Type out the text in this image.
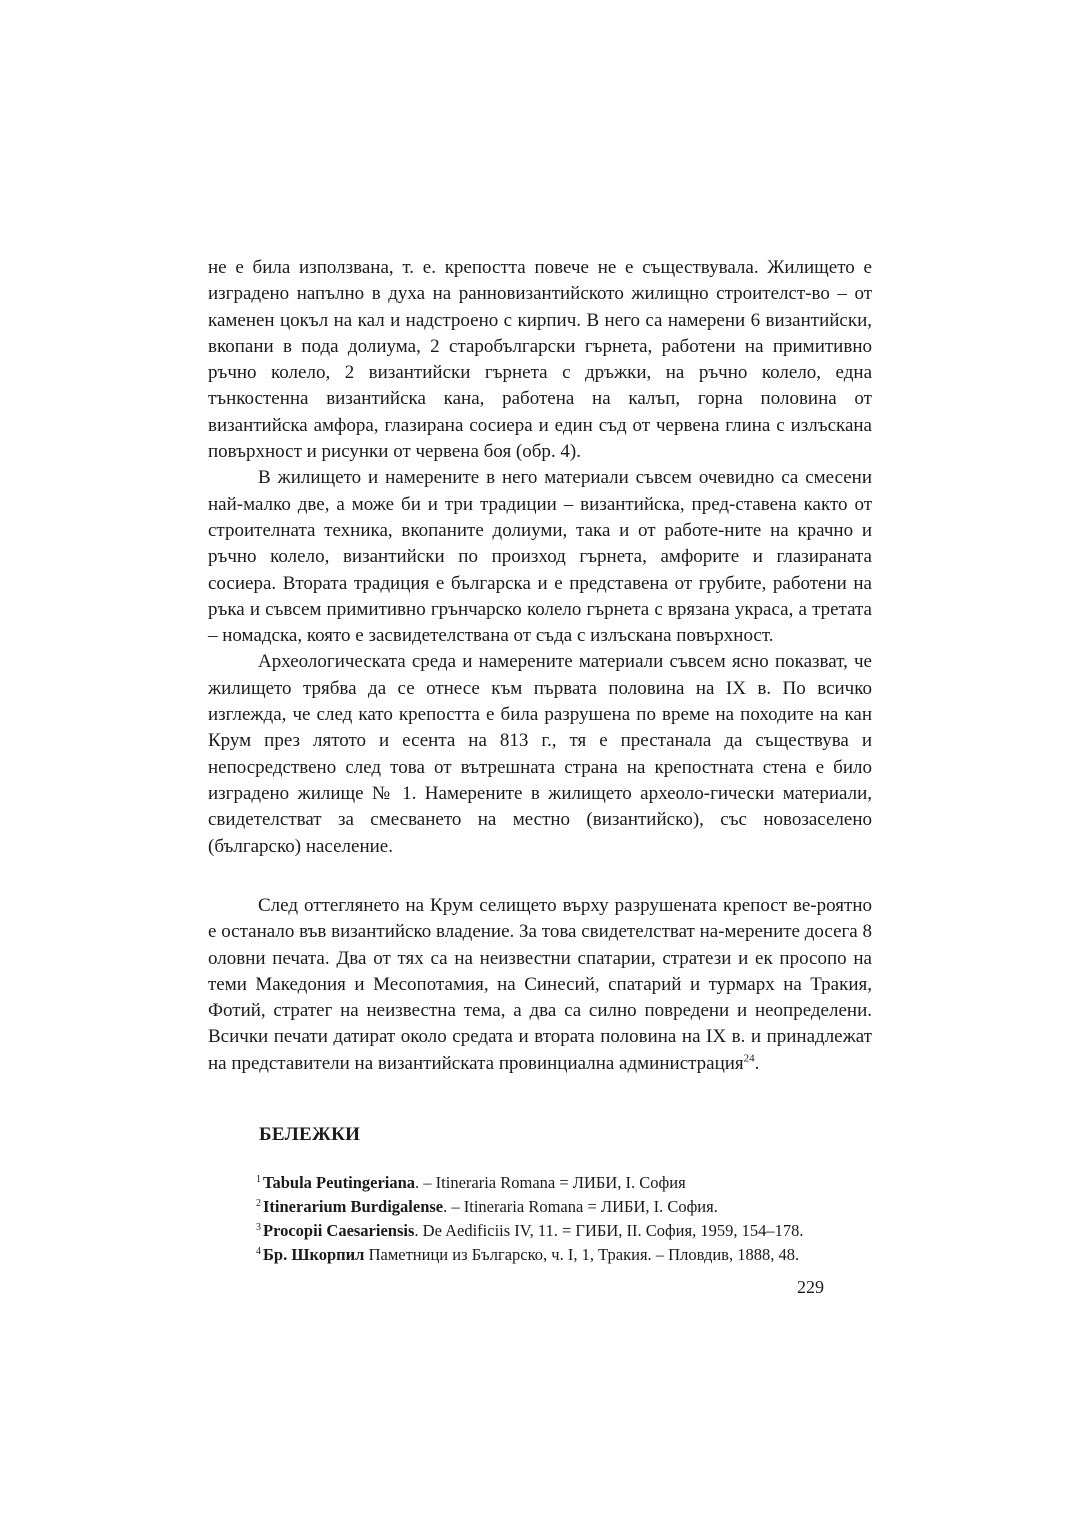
не е била използвана, т. е. крепостта повече не е съществувала. Жилището е изградено напълно в духа на ранновизантийското жилищно строителст-во – от каменен цокъл на кал и надстроено с кирпич. В него са намерени 6 византийски, вкопани в пода долиума, 2 старобългарски гърнета, работени на примитивно ръчно колело, 2 византийски гърнета с дръжки, на ръчно колело, една тънкостенна византийска кана, работена на калъп, горна половина от византийска амфора, глазирана сосиера и един съд от червена глина с излъскана повърхност и рисунки от червена боя (обр. 4).

В жилището и намерените в него материали съвсем очевидно са смесени най-малко две, а може би и три традиции – византийска, пред-ставена както от строителната техника, вкопаните долиуми, така и от работе-ните на крачно и ръчно колело, византийски по произход гърнета, амфорите и глазираната сосиера. Втората традиция е българска и е представена от грубите, работени на ръка и съвсем примитивно грънчарско колело гърнета с врязана украса, а третата – номадска, която е засвидетелствана от съда с излъскана повърхност.

Археологическата среда и намерените материали съвсем ясно показват, че жилището трябва да се отнесе към първата половина на IX в. По всичко изглежда, че след като крепостта е била разрушена по време на походите на кан Крум през лятото и есента на 813 г., тя е престанала да съществува и непосредствено след това от вътрешната страна на крепостната стена е било изградено жилище № 1. Намерените в жилището археоло-гически материали, свидетелстват за смесването на местно (византийско), със новозаселено (българско) население.

След оттеглянето на Крум селището върху разрушената крепост ве-роятно е останало във византийско владение. За това свидетелстват на-мерените досега 8 оловни печата. Два от тях са на неизвестни спатарии, стратези и ек просопо на теми Македония и Месопотамия, на Синесий, спатарий и турмарх на Тракия, Фотий, стратег на неизвестна тема, а два са силно повредени и неопределени. Всички печати датират около средата и втората половина на IX в. и принадлежат на представители на византийската провинциална администрация$^{24}$.

БЕЛЕЖКИ
$^1$ Tabula Peutingeriana. – Itineraria Romana = ЛИБИ, I. София
$^2$ Itinerarium Burdigalense. – Itineraria Romana = ЛИБИ, I. София.
$^3$ Procopii Caesariensis. De Aedificiis IV, 11. = ГИБИ, II. София, 1959, 154–178.
$^4$ Бр. Шкорпил Паметници из Българско, ч. I, 1, Тракия. – Пловдив, 1888, 48.

229
